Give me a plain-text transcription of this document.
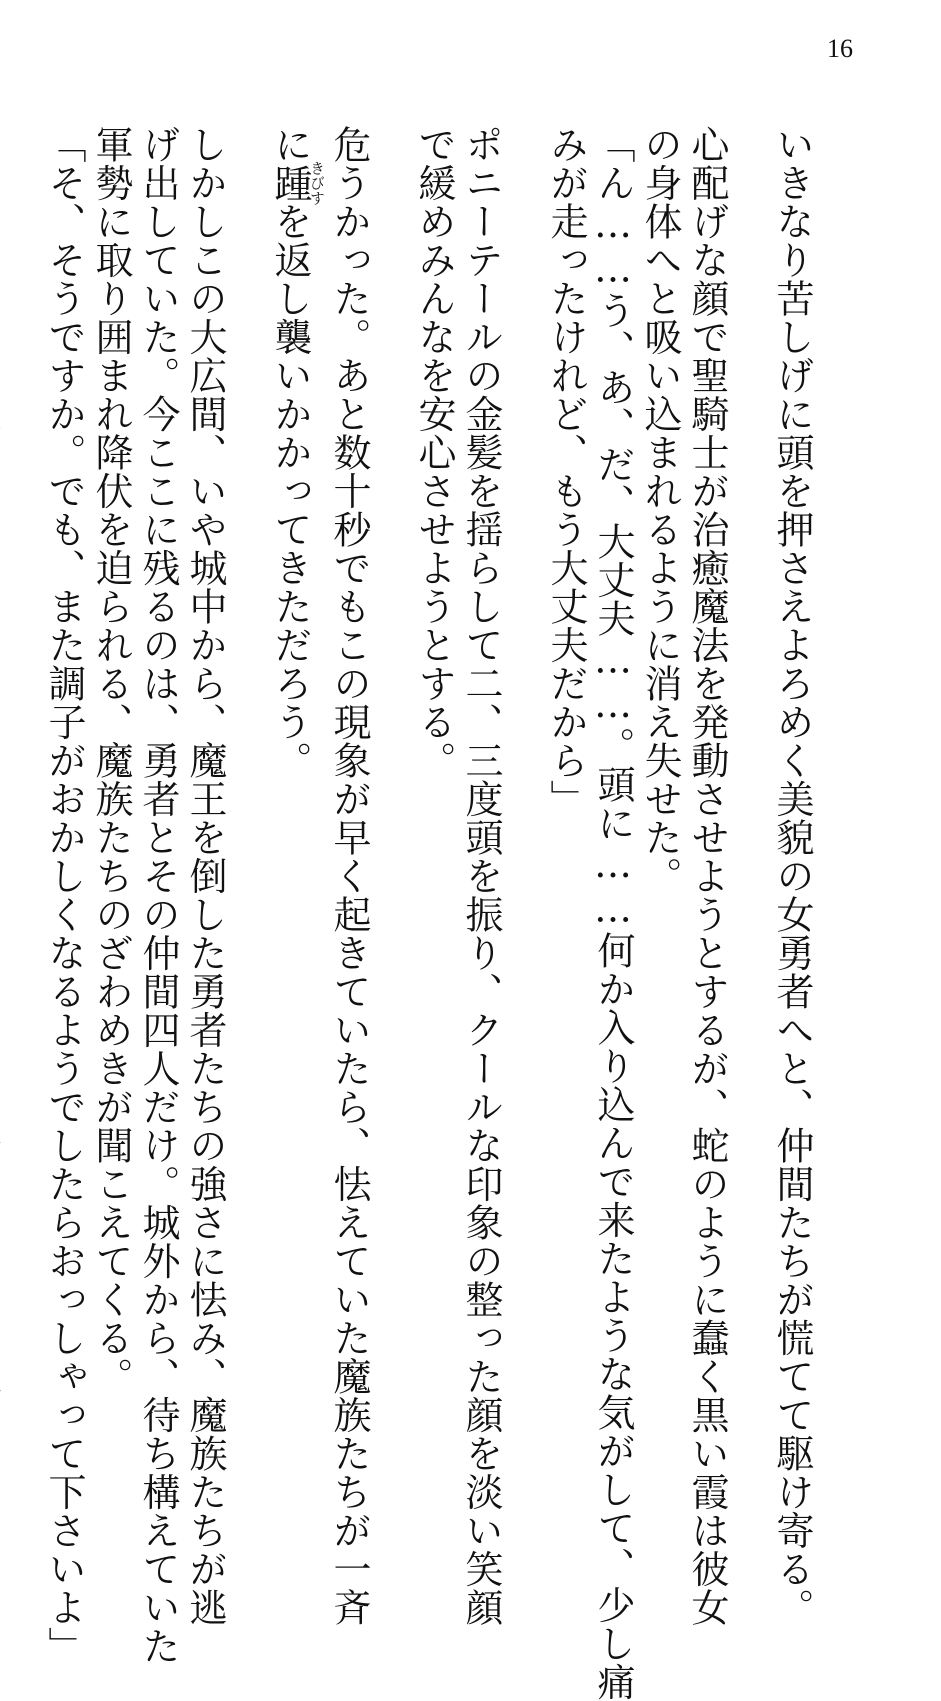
16
いきなり苦しげに頭を押さえよろめく美貌の女勇者へと、仲間たちが慌てて駆け寄る。
心配げな顔で聖騎士が治癒魔法を発動させようとするが、蛇のように蠢く黒い霞は彼女
の身体へと吸い込まれるように消え失せた。
「ん……う、あ、だ、大丈夫……。頭に……何か入り込んで来たような気がして、少し痛
みが走ったけれど、もう大丈夫だから」
ポニーテールの金髪を揺らして二、三度頭を振り、クールな印象の整った顔を淡い笑顔
で緩めみんなを安心させようとする。
危うかった。あと数十秒でもこの現象が早く起きていたら、怯えていた魔族たちが一斉
に踵きびすを返し襲いかかってきただろう。
しかしこの大広間、いや城中から、魔王を倒した勇者たちの強さに怯み、魔族たちが逃
げ出していた。今ここに残るのは、勇者とその仲間四人だけ。城外から、待ち構えていた
軍勢に取り囲まれ降伏を迫られる、魔族たちのざわめきが聞こえてくる。
「そ、そうですか。でも、また調子がおかしくなるようでしたらおっしゃって下さいよ」
